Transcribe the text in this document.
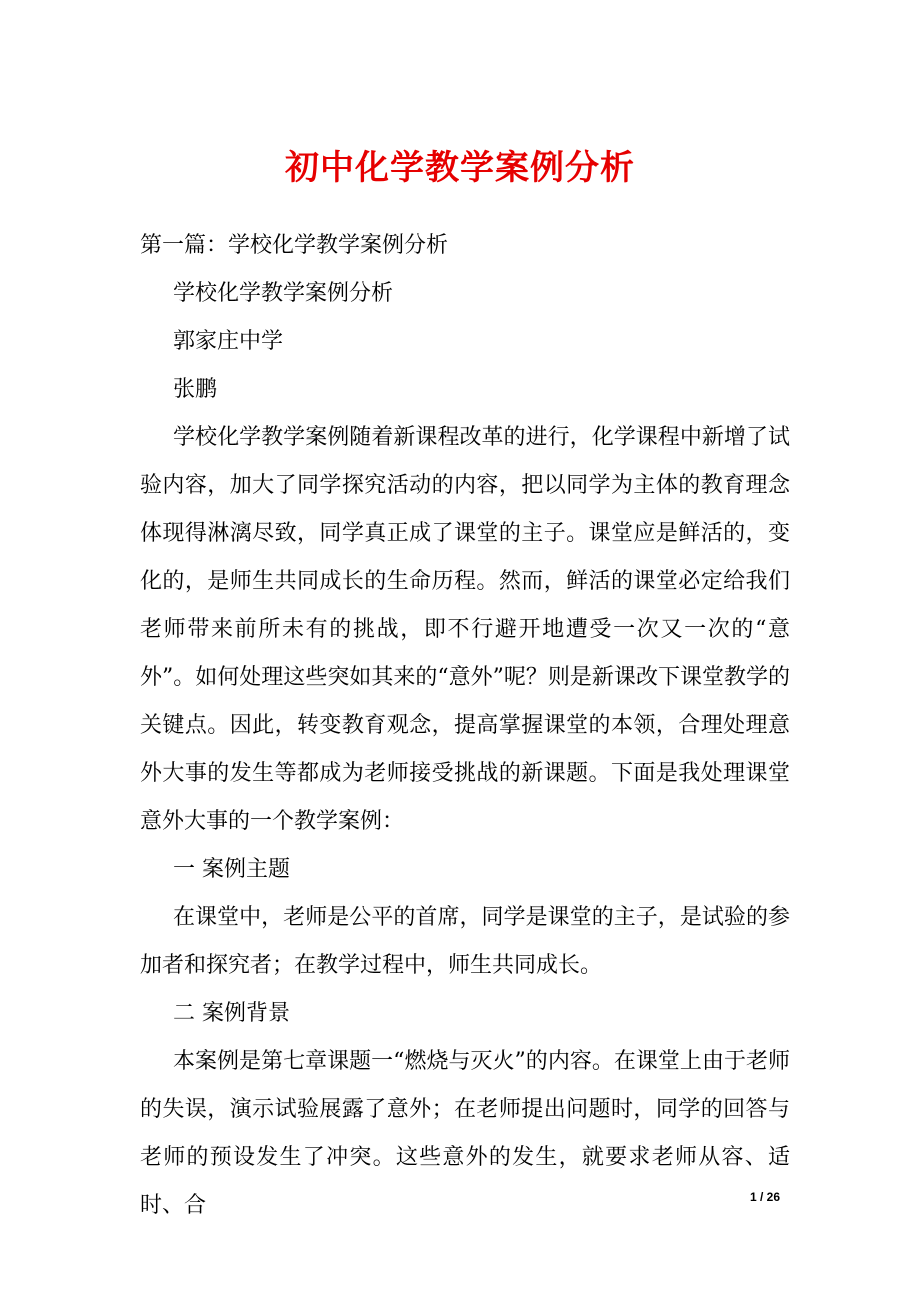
初中化学教学案例分析

第一篇：学校化学教学案例分析

学校化学教学案例分析

郭家庄中学

张鹏

学校化学教学案例随着新课程改革的进行，化学课程中新增了试验内容，加大了同学探究活动的内容，把以同学为主体的教育理念体现得淋漓尽致，同学真正成了课堂的主子。课堂应是鲜活的，变化的，是师生共同成长的生命历程。然而，鲜活的课堂必定给我们老师带来前所未有的挑战，即不行避开地遭受一次又一次的“意外”。如何处理这些突如其来的“意外”呢？则是新课改下课堂教学的关键点。因此，转变教育观念，提高掌握课堂的本领，合理处理意外大事的发生等都成为老师接受挑战的新课题。下面是我处理课堂意外大事的一个教学案例：

一 案例主题

在课堂中，老师是公平的首席，同学是课堂的主子，是试验的参加者和探究者；在教学过程中，师生共同成长。

二 案例背景

本案例是第七章课题一“燃烧与灭火”的内容。在课堂上由于老师的失误，演示试验展露了意外；在老师提出问题时，同学的回答与老师的预设发生了冲突。这些意外的发生，就要求老师从容、适时、合	1 / 26
